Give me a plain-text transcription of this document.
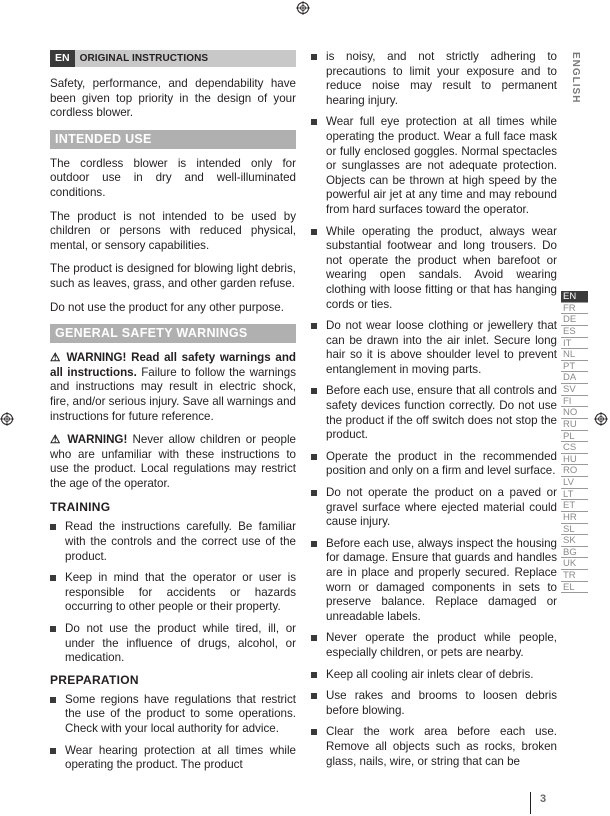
EN	ORIGINAL INSTRUCTIONS

Safety, performance, and dependability have been given top priority in the design of your cordless blower.

INTENDED USE

The cordless blower is intended only for outdoor use in dry and well-illuminated conditions.

The product is not intended to be used by children or persons with reduced physical, mental, or sensory capabilities.

The product is designed for blowing light debris, such as leaves, grass, and other garden refuse.

Do not use the product for any other purpose.

GENERAL SAFETY WARNINGS

⚠ WARNING! Read all safety warnings and all instructions. Failure to follow the warnings and instructions may result in electric shock, fire, and/or serious injury. Save all warnings and instructions for future reference.

⚠ WARNING! Never allow children or people who are unfamiliar with these instructions to use the product. Local regulations may restrict the age of the operator.

TRAINING

Read the instructions carefully. Be familiar with the controls and the correct use of the product.

Keep in mind that the operator or user is responsible for accidents or hazards occurring to other people or their property.

Do not use the product while tired, ill, or under the influence of drugs, alcohol, or medication.

PREPARATION

Some regions have regulations that restrict the use of the product to some operations. Check with your local authority for advice.

Wear hearing protection at all times while operating the product. The product

is noisy, and not strictly adhering to precautions to limit your exposure and to reduce noise may result to permanent hearing injury.

Wear full eye protection at all times while operating the product. Wear a full face mask or fully enclosed goggles. Normal spectacles or sunglasses are not adequate protection. Objects can be thrown at high speed by the powerful air jet at any time and may rebound from hard surfaces toward the operator.

While operating the product, always wear substantial footwear and long trousers. Do not operate the product when barefoot or wearing open sandals. Avoid wearing clothing with loose fitting or that has hanging cords or ties.

Do not wear loose clothing or jewellery that can be drawn into the air inlet. Secure long hair so it is above shoulder level to prevent entanglement in moving parts.

Before each use, ensure that all controls and safety devices function correctly. Do not use the product if the off switch does not stop the product.

Operate the product in the recommended position and only on a firm and level surface.

Do not operate the product on a paved or gravel surface where ejected material could cause injury.

Before each use, always inspect the housing for damage. Ensure that guards and handles are in place and properly secured. Replace worn or damaged components in sets to preserve balance. Replace damaged or unreadable labels.

Never operate the product while people, especially children, or pets are nearby.

Keep all cooling air inlets clear of debris.

Use rakes and brooms to loosen debris before blowing.

Clear the work area before each use. Remove all objects such as rocks, broken glass, nails, wire, or string that can be

ENGLISH
EN
FR
DE
ES
IT
NL
PT
DA
SV
FI
NO
RU
PL
CS
HU
RO
LV
LT
ET
HR
SL
SK
BG
UK
TR
EL
3
